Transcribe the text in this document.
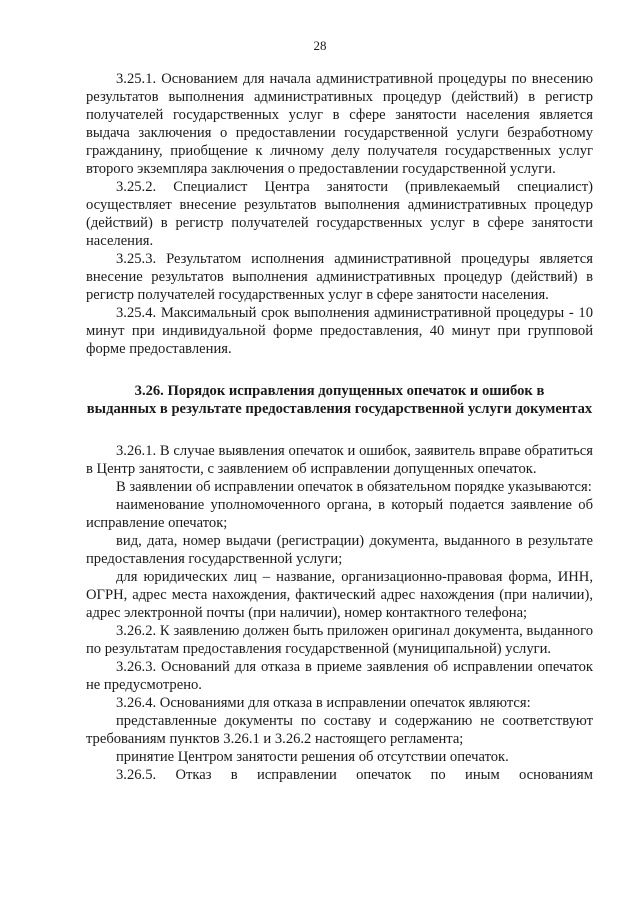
28

3.25.1. Основанием для начала административной процедуры по внесению результатов выполнения административных процедур (действий) в регистр получателей государственных услуг в сфере занятости населения является выдача заключения о предоставлении государственной услуги безработному гражданину, приобщение к личному делу получателя государственных услуг второго экземпляра заключения о предоставлении государственной услуги.

3.25.2. Специалист Центра занятости (привлекаемый специалист) осуществляет внесение результатов выполнения административных процедур (действий) в регистр получателей государственных услуг в сфере занятости населения.

3.25.3. Результатом исполнения административной процедуры является внесение результатов выполнения административных процедур (действий) в регистр получателей государственных услуг в сфере занятости населения.

3.25.4. Максимальный срок выполнения административной процедуры - 10 минут при индивидуальной форме предоставления, 40 минут при групповой форме предоставления.

3.26. Порядок исправления допущенных опечаток и ошибок в
выданных в результате предоставления государственной услуги документах

3.26.1. В случае выявления опечаток и ошибок, заявитель вправе обратиться в Центр занятости, с заявлением об исправлении допущенных опечаток.

В заявлении об исправлении опечаток в обязательном порядке указываются:

наименование уполномоченного органа, в который подается заявление об исправление опечаток;

вид, дата, номер выдачи (регистрации) документа, выданного в результате предоставления государственной услуги;

для юридических лиц – название, организационно-правовая форма, ИНН, ОГРН, адрес места нахождения, фактический адрес нахождения (при наличии), адрес электронной почты (при наличии), номер контактного телефона;

3.26.2. К заявлению должен быть приложен оригинал документа, выданного по результатам предоставления государственной (муниципальной) услуги.

3.26.3. Оснований для отказа в приеме заявления об исправлении опечаток не предусмотрено.

3.26.4. Основаниями для отказа в исправлении опечаток являются:

представленные документы по составу и содержанию не соответствуют требованиям пунктов 3.26.1 и 3.26.2 настоящего регламента;

принятие Центром занятости решения об отсутствии опечаток.

3.26.5. Отказ в исправлении опечаток по иным основаниям
